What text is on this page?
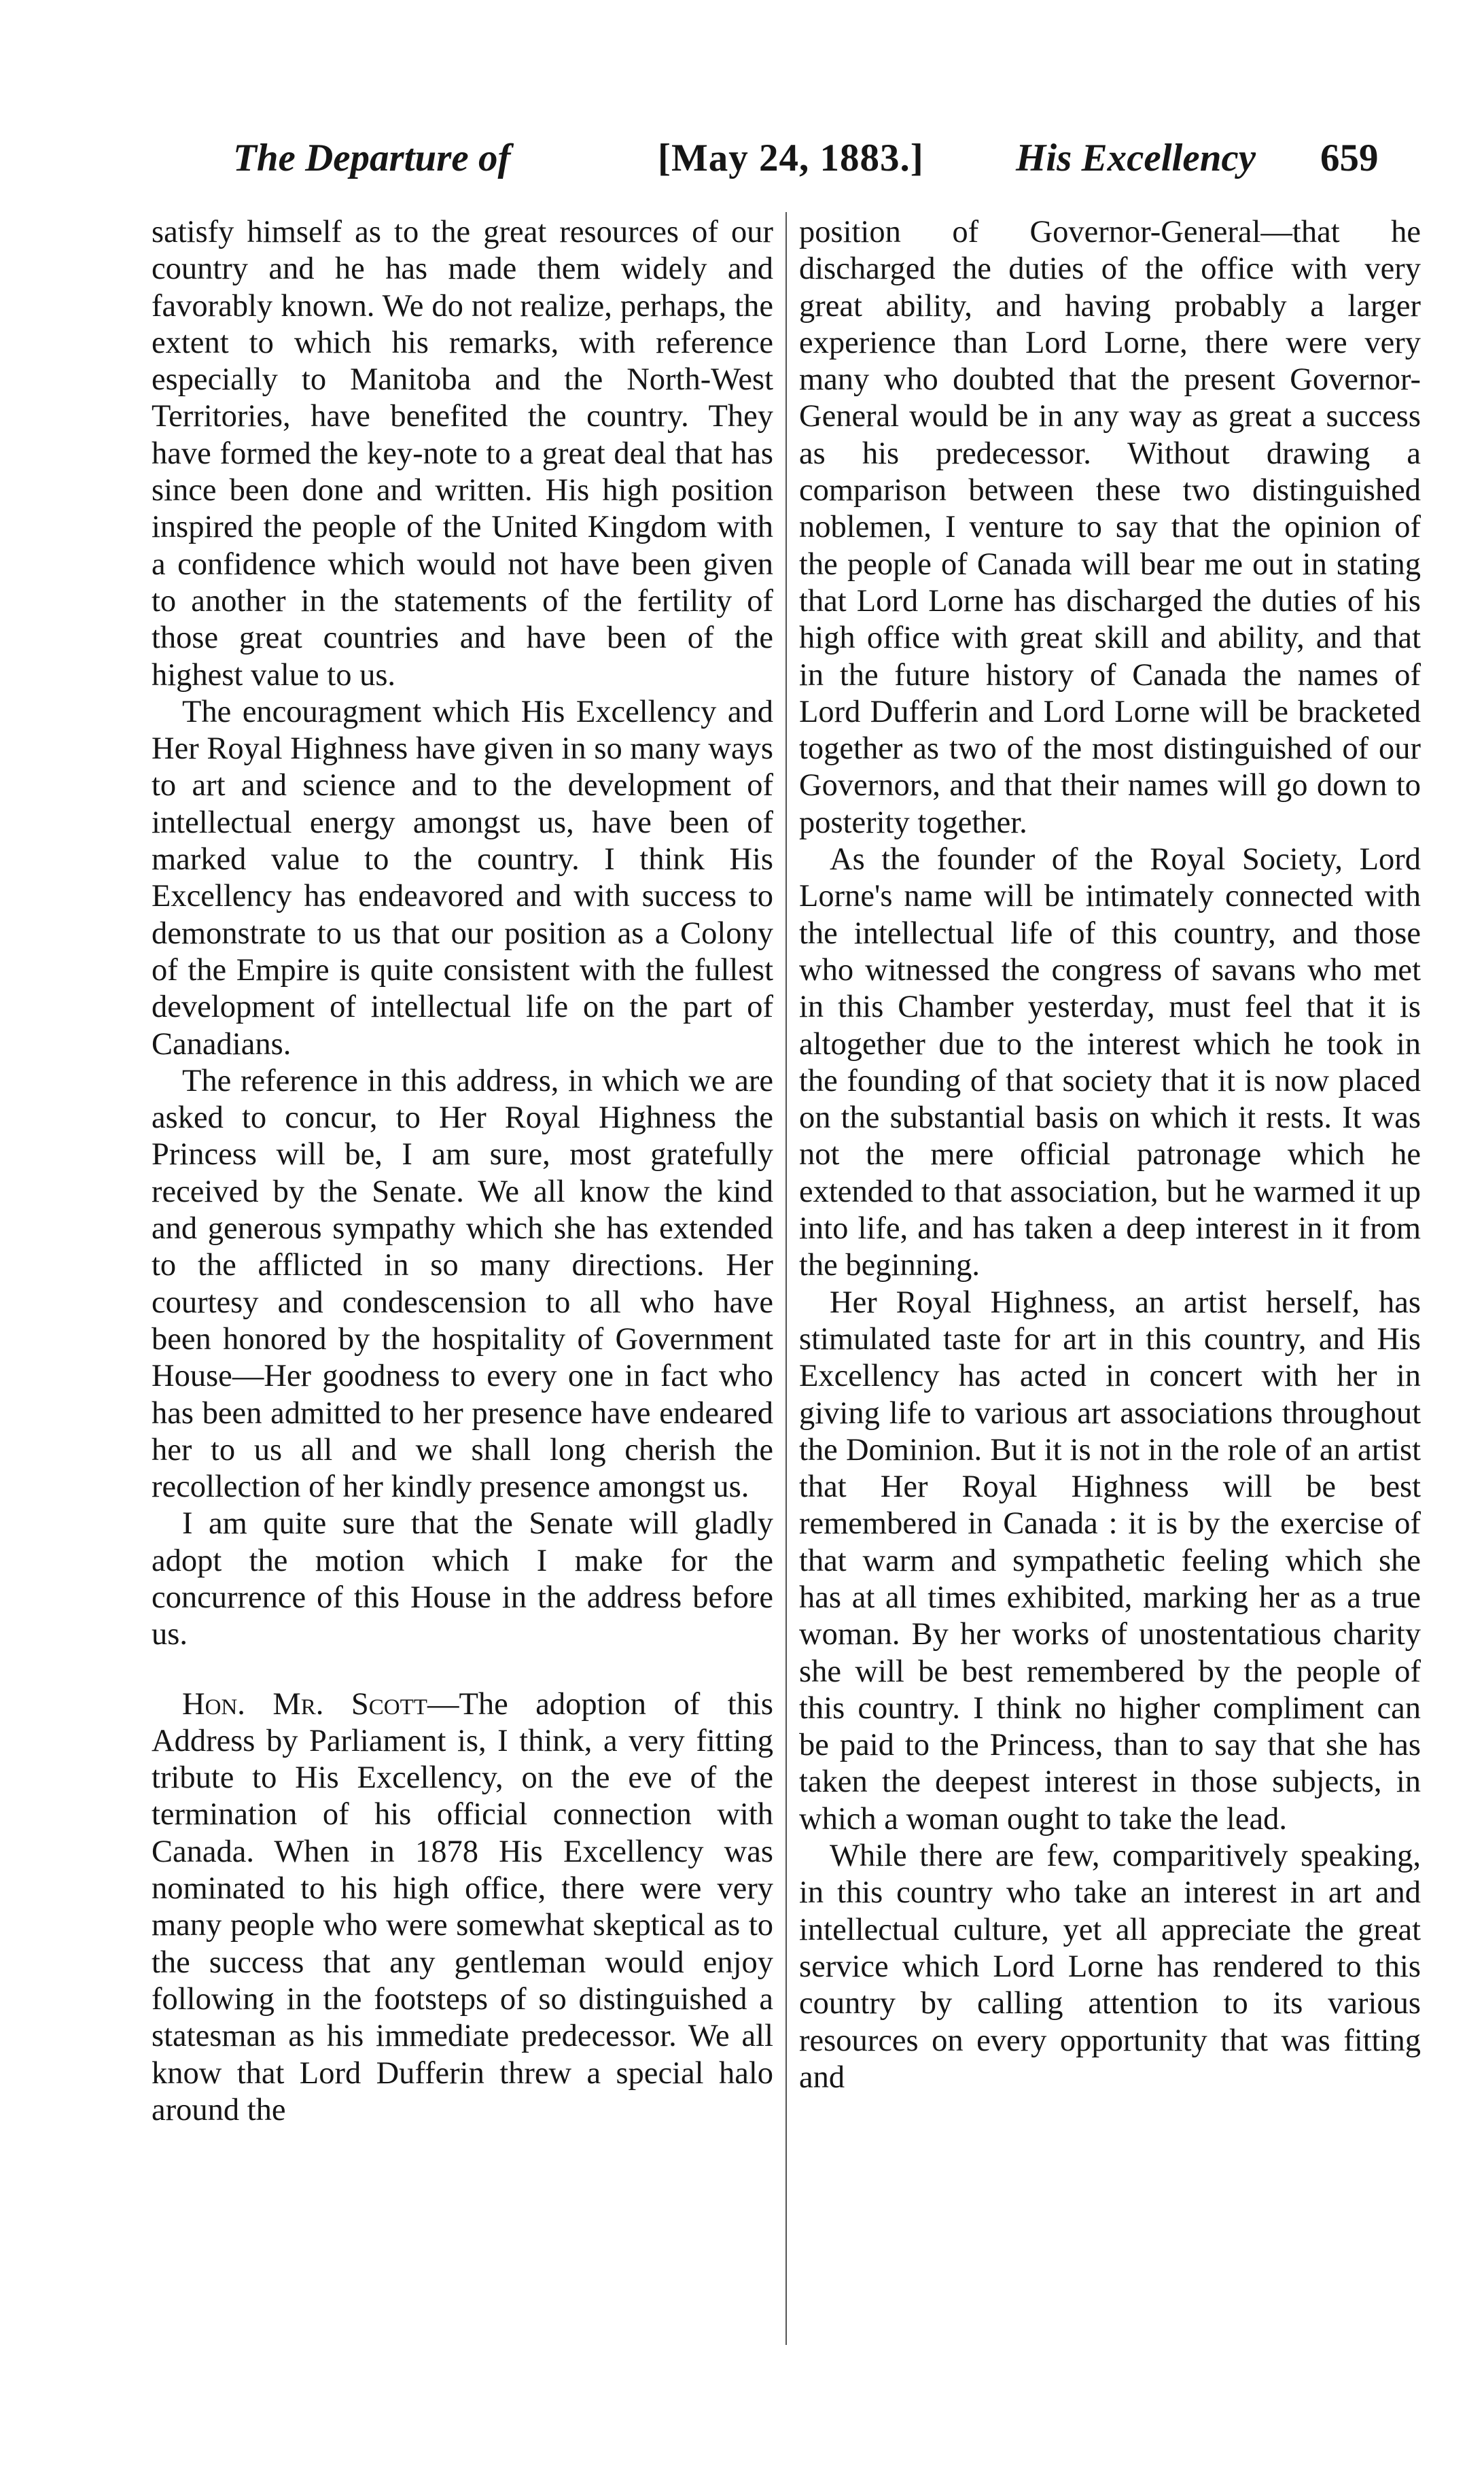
The Departure of	[May 24, 1883.] His Excellency 659

satisfy himself as to the great resources of our country and he has made them widely and favorably known. We do not realize, perhaps, the extent to which his remarks, with reference especially to Manitoba and the North-West Territories, have benefited the country. They have formed the key-note to a great deal that has since been done and written. His high position inspired the people of the United Kingdom with a confidence which would not have been given to another in the statements of the fertility of those great countries and have been of the highest value to us.

The encouragment which His Excellency and Her Royal Highness have given in so many ways to art and science and to the development of intellectual energy amongst us, have been of marked value to the country. I think His Excellency has endeavored and with success to demonstrate to us that our position as a Colony of the Empire is quite consistent with the fullest development of intellectual life on the part of Canadians.

The reference in this address, in which we are asked to concur, to Her Royal Highness the Princess will be, I am sure, most gratefully received by the Senate. We all know the kind and generous sympathy which she has extended to the afflicted in so many directions. Her courtesy and condescension to all who have been honored by the hospitality of Government House—Her goodness to every one in fact who has been admitted to her presence have endeared her to us all and we shall long cherish the recollection of her kindly presence amongst us.

I am quite sure that the Senate will gladly adopt the motion which I make for the concurrence of this House in the address before us.

Hon. Mr. Scott—The adoption of this Address by Parliament is, I think, a very fitting tribute to His Excellency, on the eve of the termination of his official connection with Canada. When in 1878 His Excellency was nominated to his high office, there were very many people who were somewhat skeptical as to the success that any gentleman would enjoy following in the footsteps of so distinguished a statesman as his immediate predecessor. We all know that Lord Dufferin threw a special halo around the

position of Governor-General—that he discharged the duties of the office with very great ability, and having probably a larger experience than Lord Lorne, there were very many who doubted that the present Governor-General would be in any way as great a success as his predecessor. Without drawing a comparison between these two distinguished noblemen, I venture to say that the opinion of the people of Canada will bear me out in stating that Lord Lorne has discharged the duties of his high office with great skill and ability, and that in the future history of Canada the names of Lord Dufferin and Lord Lorne will be bracketed together as two of the most distinguished of our Governors, and that their names will go down to posterity together.

As the founder of the Royal Society, Lord Lorne's name will be intimately connected with the intellectual life of this country, and those who witnessed the congress of savans who met in this Chamber yesterday, must feel that it is altogether due to the interest which he took in the founding of that society that it is now placed on the substantial basis on which it rests. It was not the mere official patronage which he extended to that association, but he warmed it up into life, and has taken a deep interest in it from the beginning.

Her Royal Highness, an artist herself, has stimulated taste for art in this country, and His Excellency has acted in concert with her in giving life to various art associations throughout the Dominion. But it is not in the role of an artist that Her Royal Highness will be best remembered in Canada : it is by the exercise of that warm and sympathetic feeling which she has at all times exhibited, marking her as a true woman. By her works of unostentatious charity she will be best remembered by the people of this country. I think no higher compliment can be paid to the Princess, than to say that she has taken the deepest interest in those subjects, in which a woman ought to take the lead.

While there are few, comparitively speaking, in this country who take an interest in art and intellectual culture, yet all appreciate the great service which Lord Lorne has rendered to this country by calling attention to its various resources on every opportunity that was fitting and
